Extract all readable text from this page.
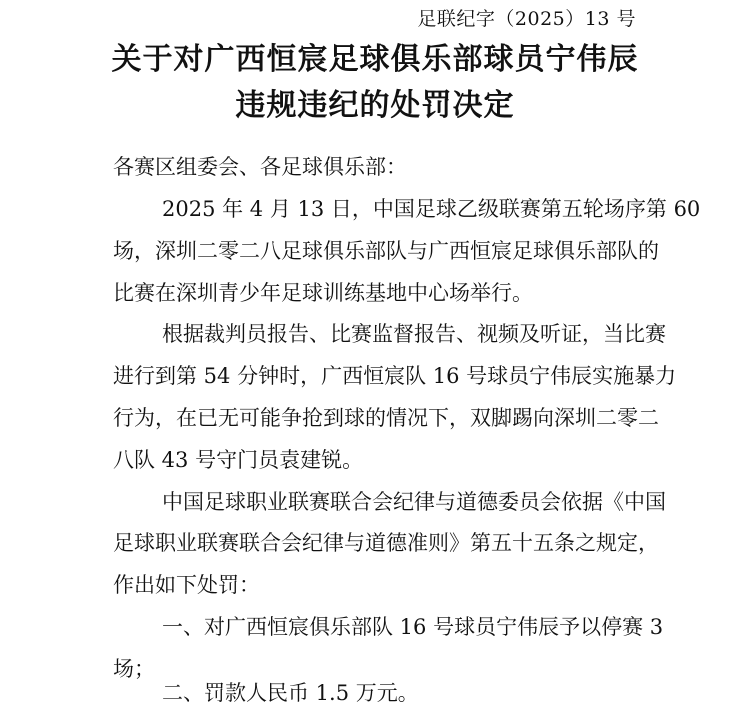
足联纪字（2025）13 号
关于对广西恒宸足球俱乐部球员宁伟辰
违规违纪的处罚决定
各赛区组委会、各足球俱乐部：
2025 年 4 月 13 日，中国足球乙级联赛第五轮场序第 60
场，深圳二零二八足球俱乐部队与广西恒宸足球俱乐部队的
比赛在深圳青少年足球训练基地中心场举行。
根据裁判员报告、比赛监督报告、视频及听证，当比赛
进行到第 54 分钟时，广西恒宸队 16 号球员宁伟辰实施暴力
行为，在已无可能争抢到球的情况下，双脚踢向深圳二零二
八队 43 号守门员袁建锐。
中国足球职业联赛联合会纪律与道德委员会依据《中国
足球职业联赛联合会纪律与道德准则》第五十五条之规定，
作出如下处罚：
一、对广西恒宸俱乐部队 16 号球员宁伟辰予以停赛 3
场；
二、罚款人民币 1.5 万元。
